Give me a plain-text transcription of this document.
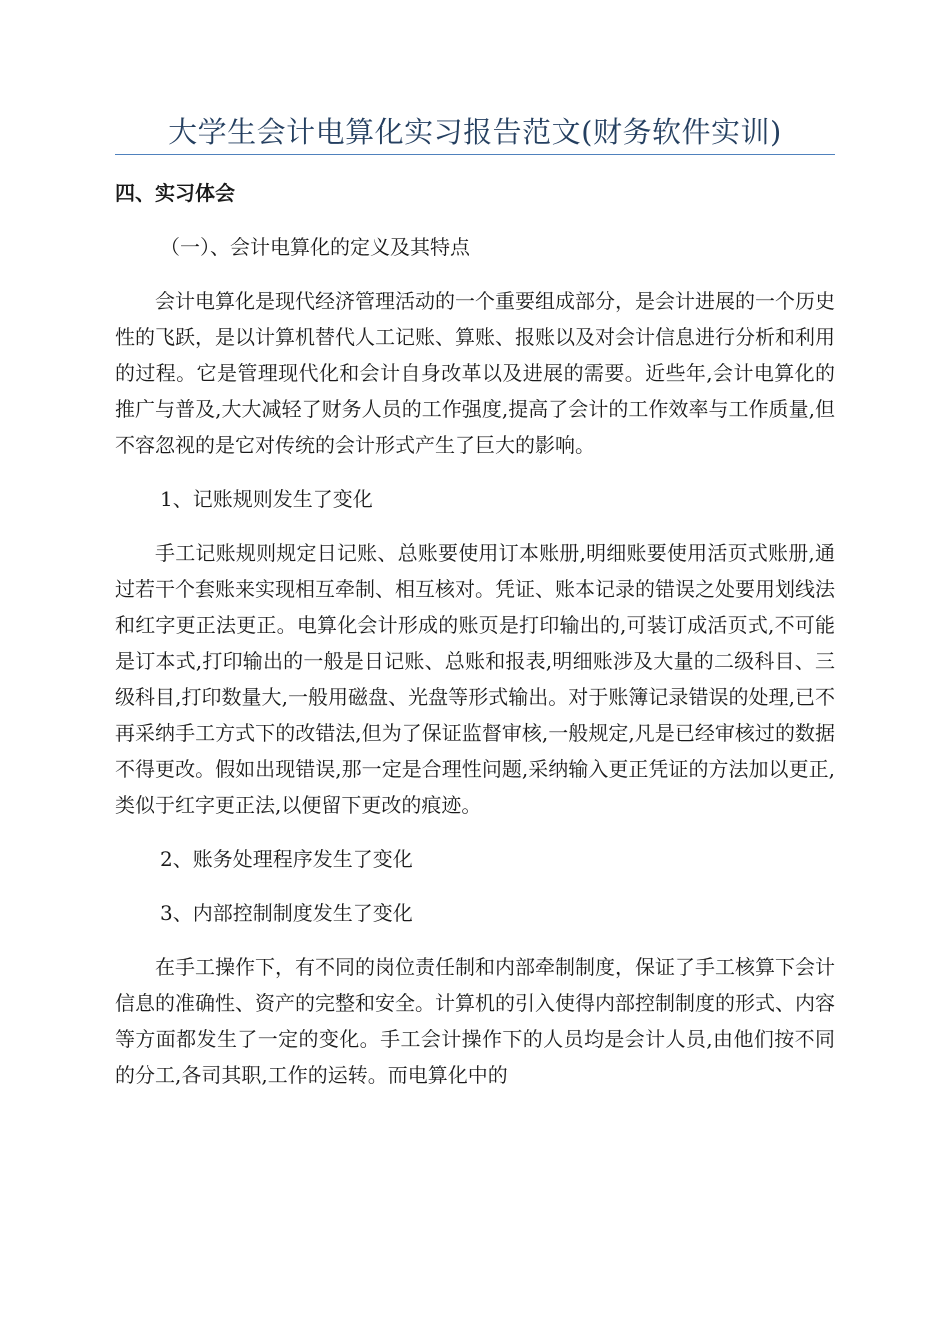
大学生会计电算化实习报告范文(财务软件实训)
四、实习体会
（一）、会计电算化的定义及其特点

会计电算化是现代经济管理活动的一个重要组成部分，是会计进展的一个历史性的飞跃，是以计算机替代人工记账、算账、报账以及对会计信息进行分析和利用的过程。它是管理现代化和会计自身改革以及进展的需要。近些年,会计电算化的推广与普及,大大减轻了财务人员的工作强度,提高了会计的工作效率与工作质量,但不容忽视的是它对传统的会计形式产生了巨大的影响。

1、记账规则发生了变化

手工记账规则规定日记账、总账要使用订本账册,明细账要使用活页式账册,通过若干个套账来实现相互牵制、相互核对。凭证、账本记录的错误之处要用划线法和红字更正法更正。电算化会计形成的账页是打印输出的,可装订成活页式,不可能是订本式,打印输出的一般是日记账、总账和报表,明细账涉及大量的二级科目、三级科目,打印数量大,一般用磁盘、光盘等形式输出。对于账簿记录错误的处理,已不再采纳手工方式下的改错法,但为了保证监督审核,一般规定,凡是已经审核过的数据不得更改。假如出现错误,那一定是合理性问题,采纳输入更正凭证的方法加以更正,类似于红字更正法,以便留下更改的痕迹。

2、账务处理程序发生了变化
3、内部控制制度发生了变化

在手工操作下，有不同的岗位责任制和内部牵制制度，保证了手工核算下会计信息的准确性、资产的完整和安全。计算机的引入使得内部控制制度的形式、内容等方面都发生了一定的变化。手工会计操作下的人员均是会计人员,由他们按不同的分工,各司其职,工作的运转。而电算化中的
